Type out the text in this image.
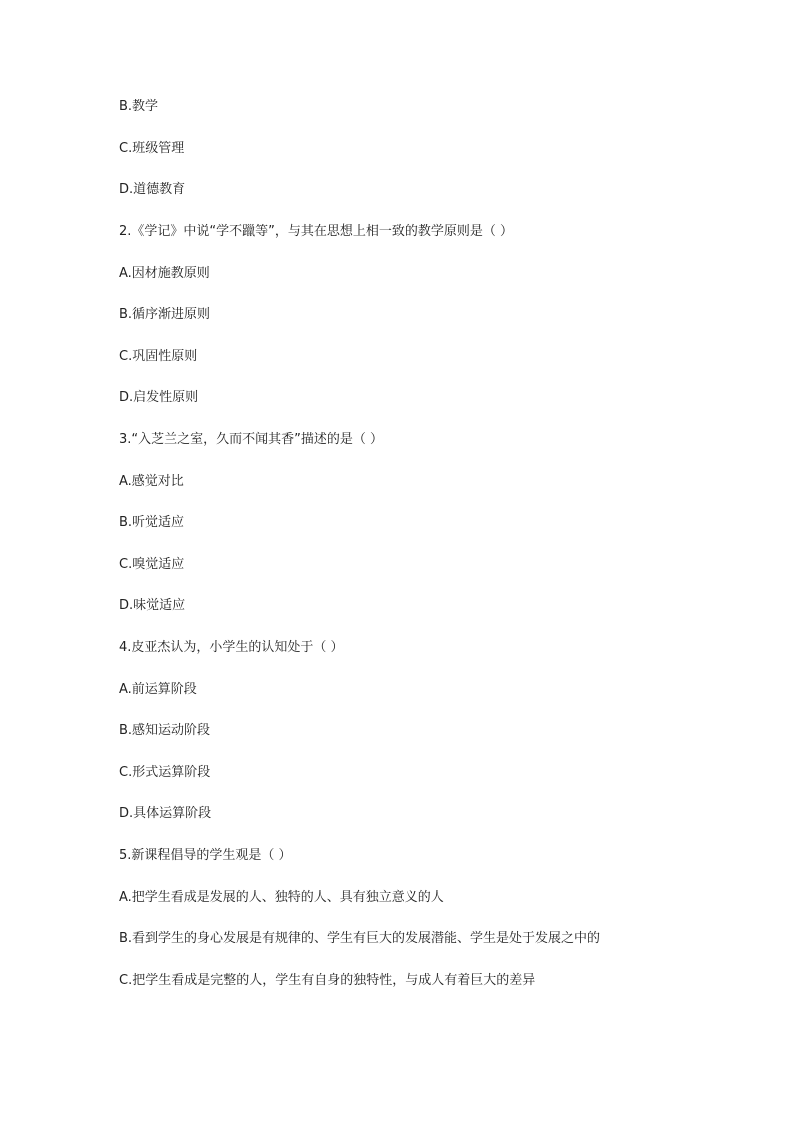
B.教学
C.班级管理
D.道德教育
2.《学记》中说“学不躐等”，与其在思想上相一致的教学原则是（ ）
A.因材施教原则
B.循序渐进原则
C.巩固性原则
D.启发性原则
3.“入芝兰之室，久而不闻其香”描述的是（ ）
A.感觉对比
B.听觉适应
C.嗅觉适应
D.味觉适应
4.皮亚杰认为，小学生的认知处于（ ）
A.前运算阶段
B.感知运动阶段
C.形式运算阶段
D.具体运算阶段
5.新课程倡导的学生观是（ ）
A.把学生看成是发展的人、独特的人、具有独立意义的人
B.看到学生的身心发展是有规律的、学生有巨大的发展潜能、学生是处于发展之中的
C.把学生看成是完整的人，学生有自身的独特性，与成人有着巨大的差异
